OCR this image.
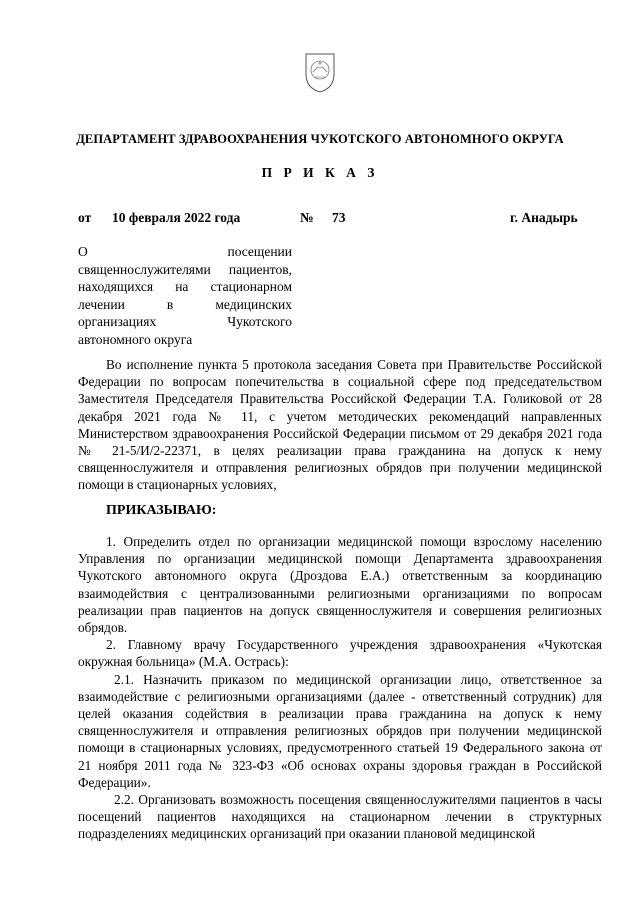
ДЕПАРТАМЕНТ ЗДРАВООХРАНЕНИЯ ЧУКОТСКОГО АВТОНОМНОГО ОКРУГА
П Р И К А З
от 10 февраля 2022 года	№ 73	г. Анадырь
О посещении
священнослужителями пациентов,
находящихся на стационарном
лечении в медицинских
организациях Чукотского
автономного округа

Во исполнение пункта 5 протокола заседания Совета при Правительстве Российской Федерации по вопросам попечительства в социальной сфере под председательством Заместителя Председателя Правительства Российской Федерации Т.А. Голиковой от 28 декабря 2021 года № 11, с учетом методических рекомендаций направленных Министерством здравоохранения Российской Федерации письмом от 29 декабря 2021 года № 21-5/И/2-22371, в целях реализации права гражданина на допуск к нему священнослужителя и отправления религиозных обрядов при получении медицинской помощи в стационарных условиях,

ПРИКАЗЫВАЮ:

1. Определить отдел по организации медицинской помощи взрослому населению Управления по организации медицинской помощи Департамента здравоохранения Чукотского автономного округа (Дроздова Е.А.) ответственным за координацию взаимодействия с централизованными религиозными организациями по вопросам реализации прав пациентов на допуск священнослужителя и совершения религиозных обрядов.

2. Главному врачу Государственного учреждения здравоохранения «Чукотская окружная больница» (М.А. Острась):

2.1. Назначить приказом по медицинской организации лицо, ответственное за взаимодействие с религиозными организациями (далее - ответственный сотрудник) для целей оказания содействия в реализации права гражданина на допуск к нему священнослужителя и отправления религиозных обрядов при получении медицинской помощи в стационарных условиях, предусмотренного статьей 19 Федерального закона от 21 ноября 2011 года № 323-ФЗ «Об основах охраны здоровья граждан в Российской Федерации».

2.2. Организовать возможность посещения священнослужителями пациентов в часы посещений пациентов находящихся на стационарном лечении в структурных подразделениях медицинских организаций при оказании плановой медицинской
